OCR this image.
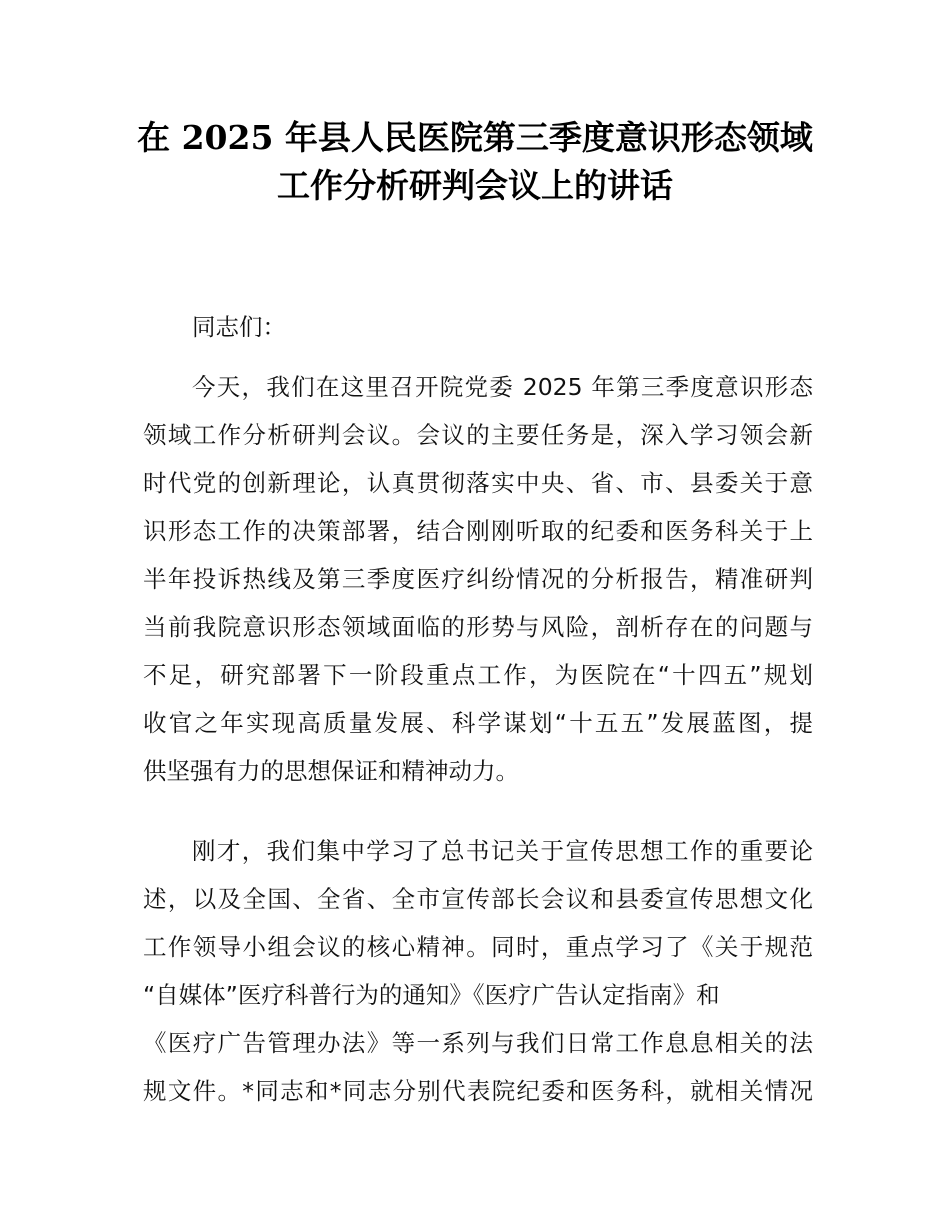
在 2025 年县人民医院第三季度意识形态领域
工作分析研判会议上的讲话
同志们：
今天，我们在这里召开院党委 2025 年第三季度意识形态
领域工作分析研判会议。会议的主要任务是，深入学习领会新
时代党的创新理论，认真贯彻落实中央、省、市、县委关于意
识形态工作的决策部署，结合刚刚听取的纪委和医务科关于上
半年投诉热线及第三季度医疗纠纷情况的分析报告，精准研判
当前我院意识形态领域面临的形势与风险，剖析存在的问题与
不足，研究部署下一阶段重点工作，为医院在“十四五”规划
收官之年实现高质量发展、科学谋划“十五五”发展蓝图，提
供坚强有力的思想保证和精神动力。
刚才，我们集中学习了总书记关于宣传思想工作的重要论
述，以及全国、全省、全市宣传部长会议和县委宣传思想文化
工作领导小组会议的核心精神。同时，重点学习了《关于规范
“自媒体”医疗科普行为的通知》《医疗广告认定指南》和
《医疗广告管理办法》等一系列与我们日常工作息息相关的法
规文件。*同志和*同志分别代表院纪委和医务科，就相关情况
